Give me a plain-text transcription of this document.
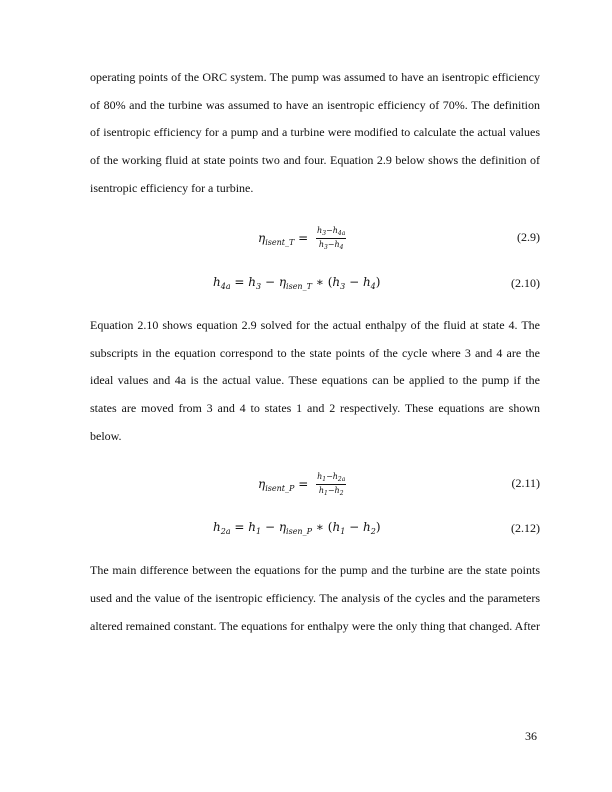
operating points of the ORC system. The pump was assumed to have an isentropic efficiency
of 80% and the turbine was assumed to have an isentropic efficiency of 70%. The definition
of isentropic efficiency for a pump and a turbine were modified to calculate the actual values
of the working fluid at state points two and four. Equation 2.9 below shows the definition of
isentropic efficiency for a turbine.
$\eta_{isent\_T} = \frac{h_3-h_{4a}}{h_3-h_4}$	(2.9)
$h_{4a} = h_3 - \eta_{isen\_T}$ ∗ $(h_3 - h_4)$	(2.10)
Equation 2.10 shows equation 2.9 solved for the actual enthalpy of the fluid at state 4. The
subscripts in the equation correspond to the state points of the cycle where 3 and 4 are the
ideal values and 4a is the actual value. These equations can be applied to the pump if the
states are moved from 3 and 4 to states 1 and 2 respectively. These equations are shown
below.
$\eta_{isent\_P} = \frac{h_1-h_{2a}}{h_1-h_2}$	(2.11)
$h_{2a} = h_1 - \eta_{isen\_P}$ ∗ $(h_1 - h_2)$	(2.12)
The main difference between the equations for the pump and the turbine are the state points
used and the value of the isentropic efficiency. The analysis of the cycles and the parameters
altered remained constant. The equations for enthalpy were the only thing that changed. After
36
